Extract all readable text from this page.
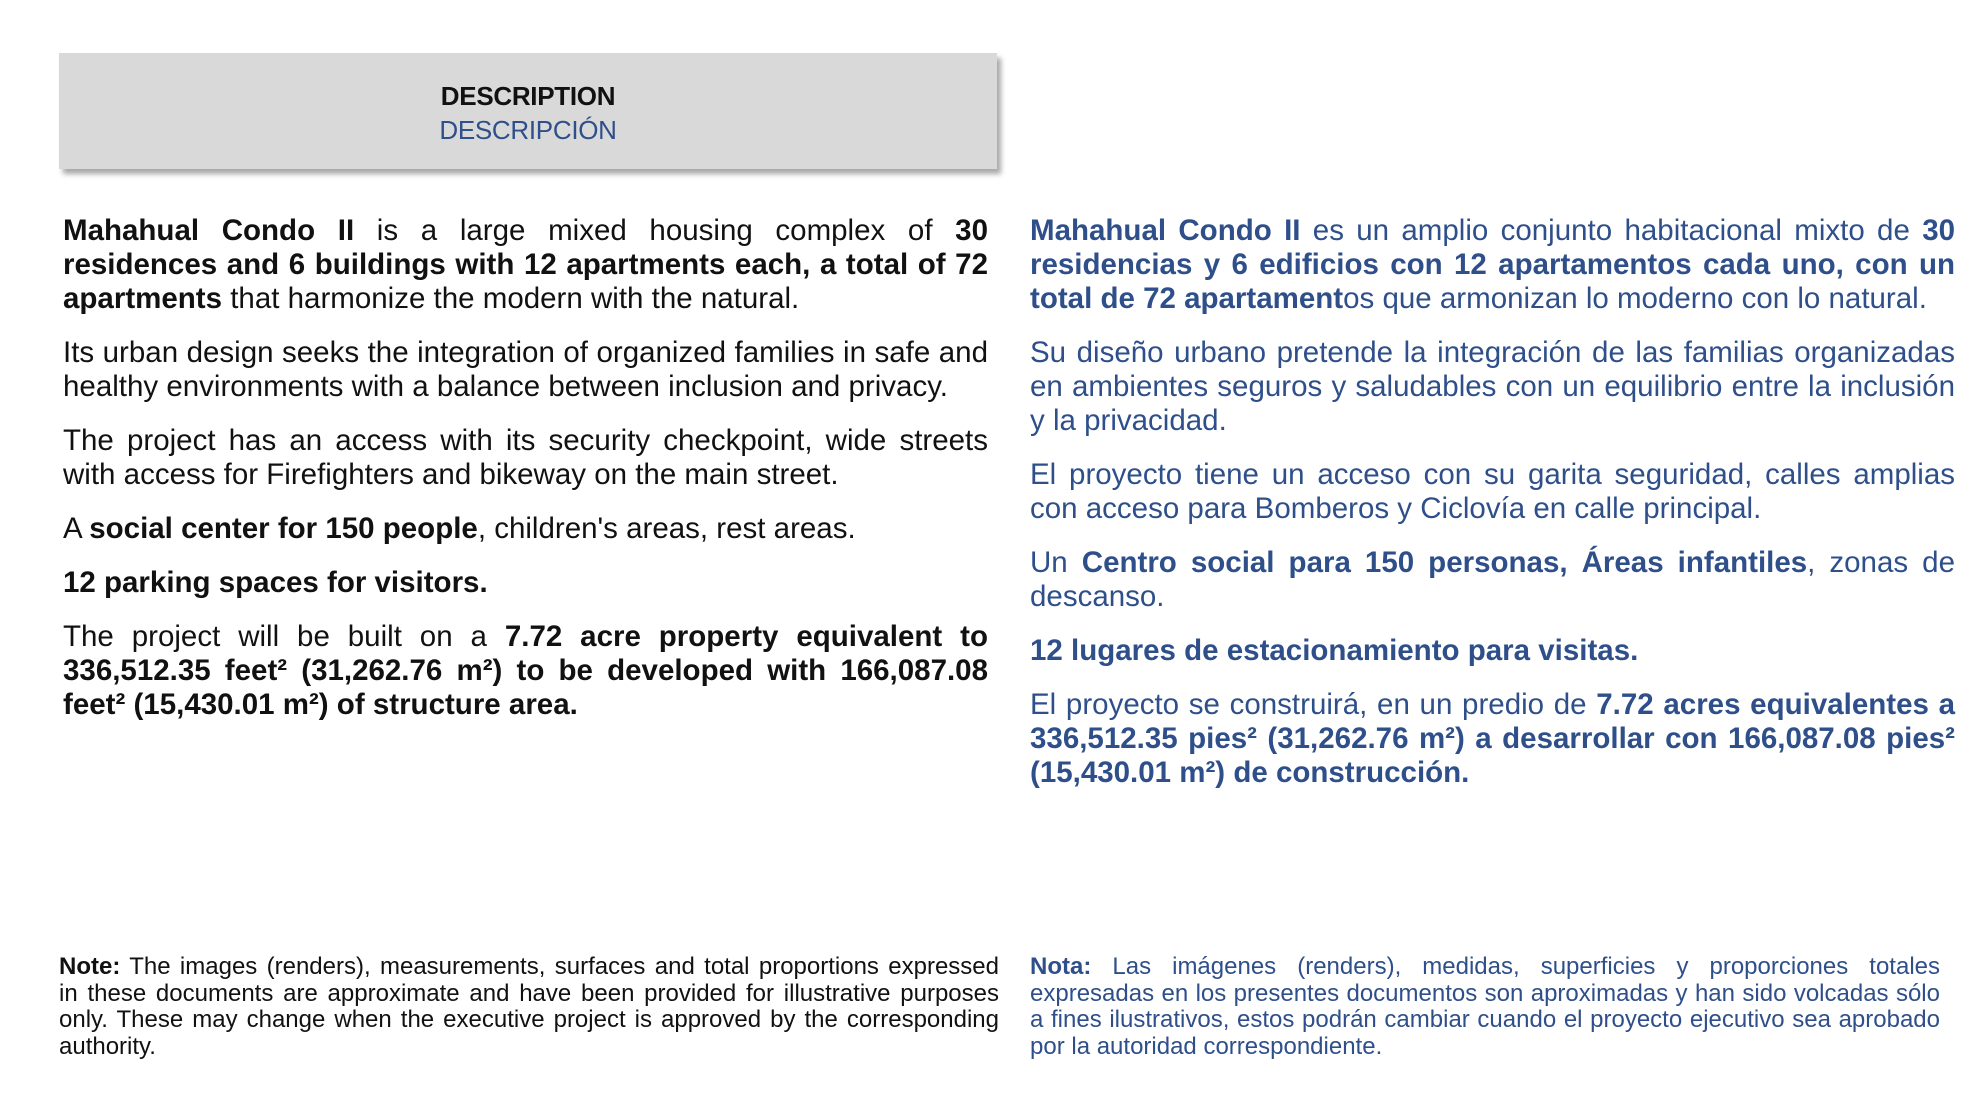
DESCRIPTION
DESCRIPCIÓN

Mahahual Condo II is a large mixed housing complex of 30 residences and 6 buildings with 12 apartments each, a total of 72 apartments that harmonize the modern with the natural.

Its urban design seeks the integration of organized families in safe and healthy environments with a balance between inclusion and privacy.

The project has an access with its security checkpoint, wide streets with access for Firefighters and bikeway on the main street.

A social center for 150 people, children's areas, rest areas.

12 parking spaces for visitors.

The project will be built on a 7.72 acre property equivalent to 336,512.35 feet² (31,262.76 m²) to be developed with 166,087.08 feet² (15,430.01 m²) of structure area.

Mahahual Condo II es un amplio conjunto habitacional mixto de 30 residencias y 6 edificios con 12 apartamentos cada uno, con un total de 72 apartamentos que armonizan lo moderno con lo natural.

Su diseño urbano pretende la integración de las familias organizadas en ambientes seguros y saludables con un equilibrio entre la inclusión y la privacidad.

El proyecto tiene un acceso con su garita seguridad, calles amplias con acceso para Bomberos y Ciclovía en calle principal.

Un Centro social para 150 personas, Áreas infantiles, zonas de descanso.

12 lugares de estacionamiento para visitas.

El proyecto se construirá, en un predio de 7.72 acres equivalentes a 336,512.35 pies² (31,262.76 m²) a desarrollar con 166,087.08 pies² (15,430.01 m²) de construcción.

Note: The images (renders), measurements, surfaces and total proportions expressed in these documents are approximate and have been provided for illustrative purposes only. These may change when the executive project is approved by the corresponding authority.
Nota: Las imágenes (renders), medidas, superficies y proporciones totales expresadas en los presentes documentos son aproximadas y han sido volcadas sólo a fines ilustrativos, estos podrán cambiar cuando el proyecto ejecutivo sea aprobado por la autoridad correspondiente.
